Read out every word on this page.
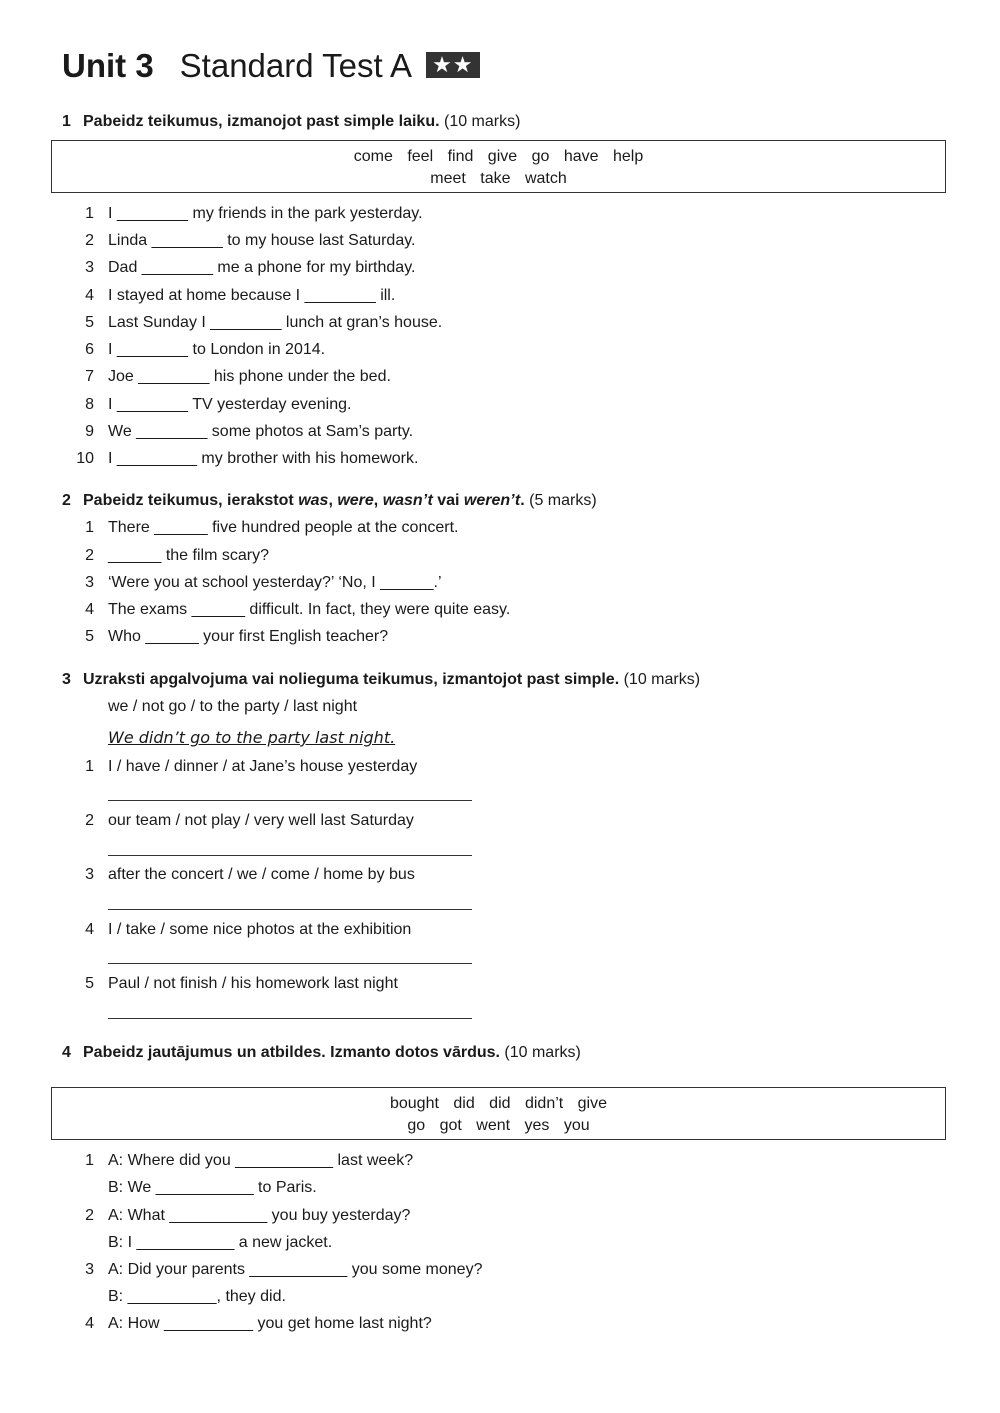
Unit 3 Standard Test A ★★
1 Pabeidz teikumus, izmanojot past simple laiku. (10 marks)
come feel find give go have help
meet take watch
1 I ________ my friends in the park yesterday.
2 Linda ________ to my house last Saturday.
3 Dad ________ me a phone for my birthday.
4 I stayed at home because I ________ ill.
5 Last Sunday I ________ lunch at gran’s house.
6 I ________ to London in 2014.
7 Joe ________ his phone under the bed.
8 I ________ TV yesterday evening.
9 We ________ some photos at Sam’s party.
10 I _________ my brother with his homework.
2 Pabeidz teikumus, ierakstot was, were, wasn’t vai weren’t. (5 marks)
1 There ______ five hundred people at the concert.
2 ______ the film scary?
3 ‘Were you at school yesterday?’ ‘No, I ______.’
4 The exams ______ difficult. In fact, they were quite easy.
5 Who ______ your first English teacher?
3 Uzraksti apgalvojuma vai nolieguma teikumus, izmantojot past simple. (10 marks)
we / not go / to the party / last night
We didn’t go to the party last night.
1 I / have / dinner / at Jane’s house yesterday
2 our team / not play / very well last Saturday
3 after the concert / we / come / home by bus
4 I / take / some nice photos at the exhibition
5 Paul / not finish / his homework last night
4 Pabeidz jautājumus un atbildes. Izmanto dotos vārdus. (10 marks)
bought did did didn’t give
go got went yes you
1 A: Where did you ___________ last week?
B: We ___________ to Paris.
2 A: What ___________ you buy yesterday?
B: I ___________ a new jacket.
3 A: Did your parents ___________ you some money?
B: __________, they did.
4 A: How __________ you get home last night?
